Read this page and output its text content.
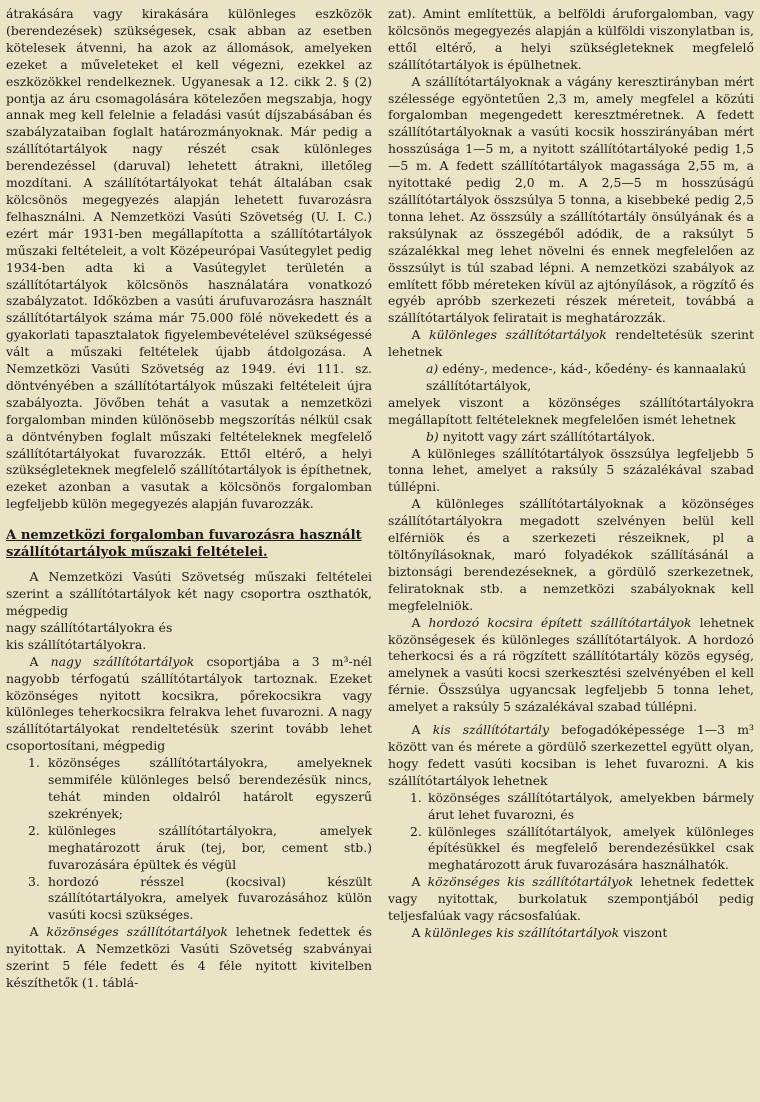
átrakására vagy kirakására különleges eszközök (berendezések) szükségesek, csak abban az esetben kötelesek átvenni, ha azok az állomások, amelyeken ezeket a műveleteket el kell végezni, ezekkel az eszközökkel rendelkeznek. Ugyanesak a 12. cikk 2. § (2) pontja az áru csomagolására kötelezően megszabja, hogy annak meg kell felelnie a feladási vasút díjszabásában és szabályzataiban foglalt határozmányoknak. Már pedig a szállítótartályok nagy részét csak különleges berendezéssel (daruval) lehetett átrakni, illetőleg mozdítani. A szállítótartályokat tehát általában csak kölcsönös megegyezés alapján lehetett fuvarozásra felhasználni. A Nemzetközi Vasúti Szövetség (U. I. C.) ezért már 1931-ben megállapította a szállítótartályok műszaki feltételeit, a volt Középeurópai Vasútegylet pedig 1934-ben adta ki a Vasútegylet területén a szállítótartályok kölcsönös használatára vonatkozó szabályzatot. Időközben a vasúti árufuvarozásra használt szállítótartályok száma már 75.000 fölé növekedett és a gyakorlati tapasztalatok figyelembevételével szükségessé vált a műszaki feltételek újabb átdolgozása. A Nemzetközi Vasúti Szövetség az 1949. évi 111. sz. döntvényében a szállítótartályok műszaki feltételeit újra szabályozta. Jövőben tehát a vasutak a nemzetközi forgalomban minden különösebb megszorítás nélkül csak a döntvényben foglalt műszaki feltételeknek megfelelő szállítótartályokat fuvarozzák. Ettől eltérő, a helyi szükségleteknek megfelelő szállítótartályok is építhetnek, ezeket azonban a vasutak a kölcsönös forgalomban legfeljebb külön megegyezés alapján fuvarozzák.

A nemzetközi forgalomban fuvarozásra használt szállítótartályok műszaki feltételei.

A Nemzetközi Vasúti Szövetség műszaki feltételei szerint a szállítótartályok két nagy csoportra oszthatók, mégpedig

nagy szállítótartályokra és

kis szállítótartályokra.

A nagy szállítótartályok csoportjába a 3 m³-nél nagyobb térfogatú szállítótartályok tartoznak. Ezeket közönséges nyitott kocsikra, pőrekocsikra vagy különleges teherkocsikra felrakva lehet fuvarozni. A nagy szállítótartályokat rendeltetésük szerint tovább lehet csoportosítani, mégpedig

1. közönséges szállítótartályokra, amelyeknek semmiféle különleges belső berendezésük nincs, tehát minden oldalról határolt egyszerű szekrények;
2. különleges szállítótartályokra, amelyek meghatározott áruk (tej, bor, cement stb.) fuvarozására épültek és végül
3. hordozó résszel (kocsival) készült szállítótartályokra, amelyek fuvarozásához külön vasúti kocsi szükséges.

A közönséges szállítótartályok lehetnek fedettek és nyitottak. A Nemzetközi Vasúti Szövetség szabványai szerint 5 féle fedett és 4 féle nyitott kivitelben készíthetők (1. táblá-

zat). Amint említettük, a belföldi áruforgalomban, vagy kölcsönös megegyezés alapján a külföldi viszonylatban is, ettől eltérő, a helyi szükségleteknek megfelelő szállítótartályok is épülhetnek.

A szállítótartályoknak a vágány keresztirányban mért szélessége egyöntetűen 2,3 m, amely megfelel a közúti forgalomban megengedett keresztméretnek. A fedett szállítótartályoknak a vasúti kocsik hosszirányában mért hosszúsága 1—5 m, a nyitott szállítótartályoké pedig 1,5—5 m. A fedett szállítótartályok magassága 2,55 m, a nyitottaké pedig 2,0 m. A 2,5—5 m hosszúságú szállítótartályok összsúlya 5 tonna, a kisebbeké pedig 2,5 tonna lehet. Az összsúly a szállítótartály önsúlyának és a raksúlynak az összegéből adódik, de a raksúlyt 5 százalékkal meg lehet növelni és ennek megfelelően az összsúlyt is túl szabad lépni. A nemzetközi szabályok az említett főbb méreteken kívül az ajtónyílások, a rögzítő és egyéb apróbb szerkezeti részek méreteit, továbbá a szállítótartályok feliratait is meghatározzák.

A különleges szállítótartályok rendeltetésük szerint lehetnek

a) edény-, medence-, kád-, kőedény- és kannaalakú szállítótartályok,

amelyek viszont a közönséges szállítótartályokra megállapított feltételeknek megfelelően ismét lehetnek

b) nyitott vagy zárt szállítótartályok.

A különleges szállítótartályok összsúlya legfeljebb 5 tonna lehet, amelyet a raksúly 5 százalékával szabad túllépni.

A különleges szállítótartályoknak a közönséges szállítótartályokra megadott szelvényen belül kell elférniök és a szerkezeti részeiknek, pl a töltőnyílásoknak, maró folyadékok szállításánál a biztonsági berendezéseknek, a gördülő szerkezetnek, feliratoknak stb. a nemzetközi szabályoknak kell megfelelniök.

A hordozó kocsira épített szállítótartályok lehetnek közönségesek és különleges szállítótartályok. A hordozó teherkocsi és a rá rögzített szállítótartály közös egység, amelynek a vasúti kocsi szerkesztési szelvényében el kell férnie. Összsúlya ugyancsak legfeljebb 5 tonna lehet, amelyet a raksúly 5 százalékával szabad túllépni.

A kis szállítótartály befogadóképessége 1—3 m³ között van és mérete a gördülő szerkezettel együtt olyan, hogy fedett vasúti kocsiban is lehet fuvarozni. A kis szállítótartályok lehetnek

1. közönséges szállítótartályok, amelyekben bármely árut lehet fuvarozni, és
2. különleges szállítótartályok, amelyek különleges építésükkel és megfelelő berendezésükkel csak meghatározott áruk fuvarozására használhatók.

A közönséges kis szállítótartályok lehetnek fedettek vagy nyitottak, burkolatuk szempontjából pedig teljesfalúak vagy rácsosfalúak.

A különleges kis szállítótartályok viszont
